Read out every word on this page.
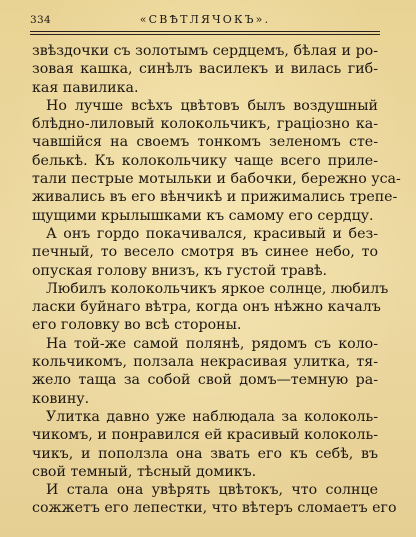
334	«СВѢТЛЯЧОКЪ».

звѣздочки съ золотымъ сердцемъ, бѣлая и ро-
зовая кашка, синѣлъ василекъ и вилась гиб-
кая павилика.

Но лучше всѣхъ цвѣтовъ былъ воздушный
блѣдно-лиловый колокольчикъ, граціозно ка-
чавшійся на своемъ тонкомъ зеленомъ сте-
белькѣ. Къ колокольчику чаще всего приле-
тали пестрые мотыльки и бабочки, бережно уса-
живались въ его вѣнчикѣ и прижимались трепе-
щущими крылышками къ самому его сердцу.

А онъ гордо покачивался, красивый и без-
печный, то весело смотря въ синее небо, то
опуская голову внизъ, къ густой травѣ.

Любилъ колокольчикъ яркое солнце, любилъ
ласки буйнаго вѣтра, когда онъ нѣжно качалъ
его головку во всѣ стороны.

На той-же самой полянѣ, рядомъ съ коло-
кольчикомъ, ползала некрасивая улитка, тя-
жело таща за собой свой домъ—темную ра-
ковину.

Улитка давно уже наблюдала за колоколь-
чикомъ, и понравился ей красивый колоколь-
чикъ, и поползла она звать его къ себѣ, въ
свой темный, тѣсный домикъ.

И стала она увѣрять цвѣтокъ, что солнце
сожжетъ его лепестки, что вѣтеръ сломаетъ его
